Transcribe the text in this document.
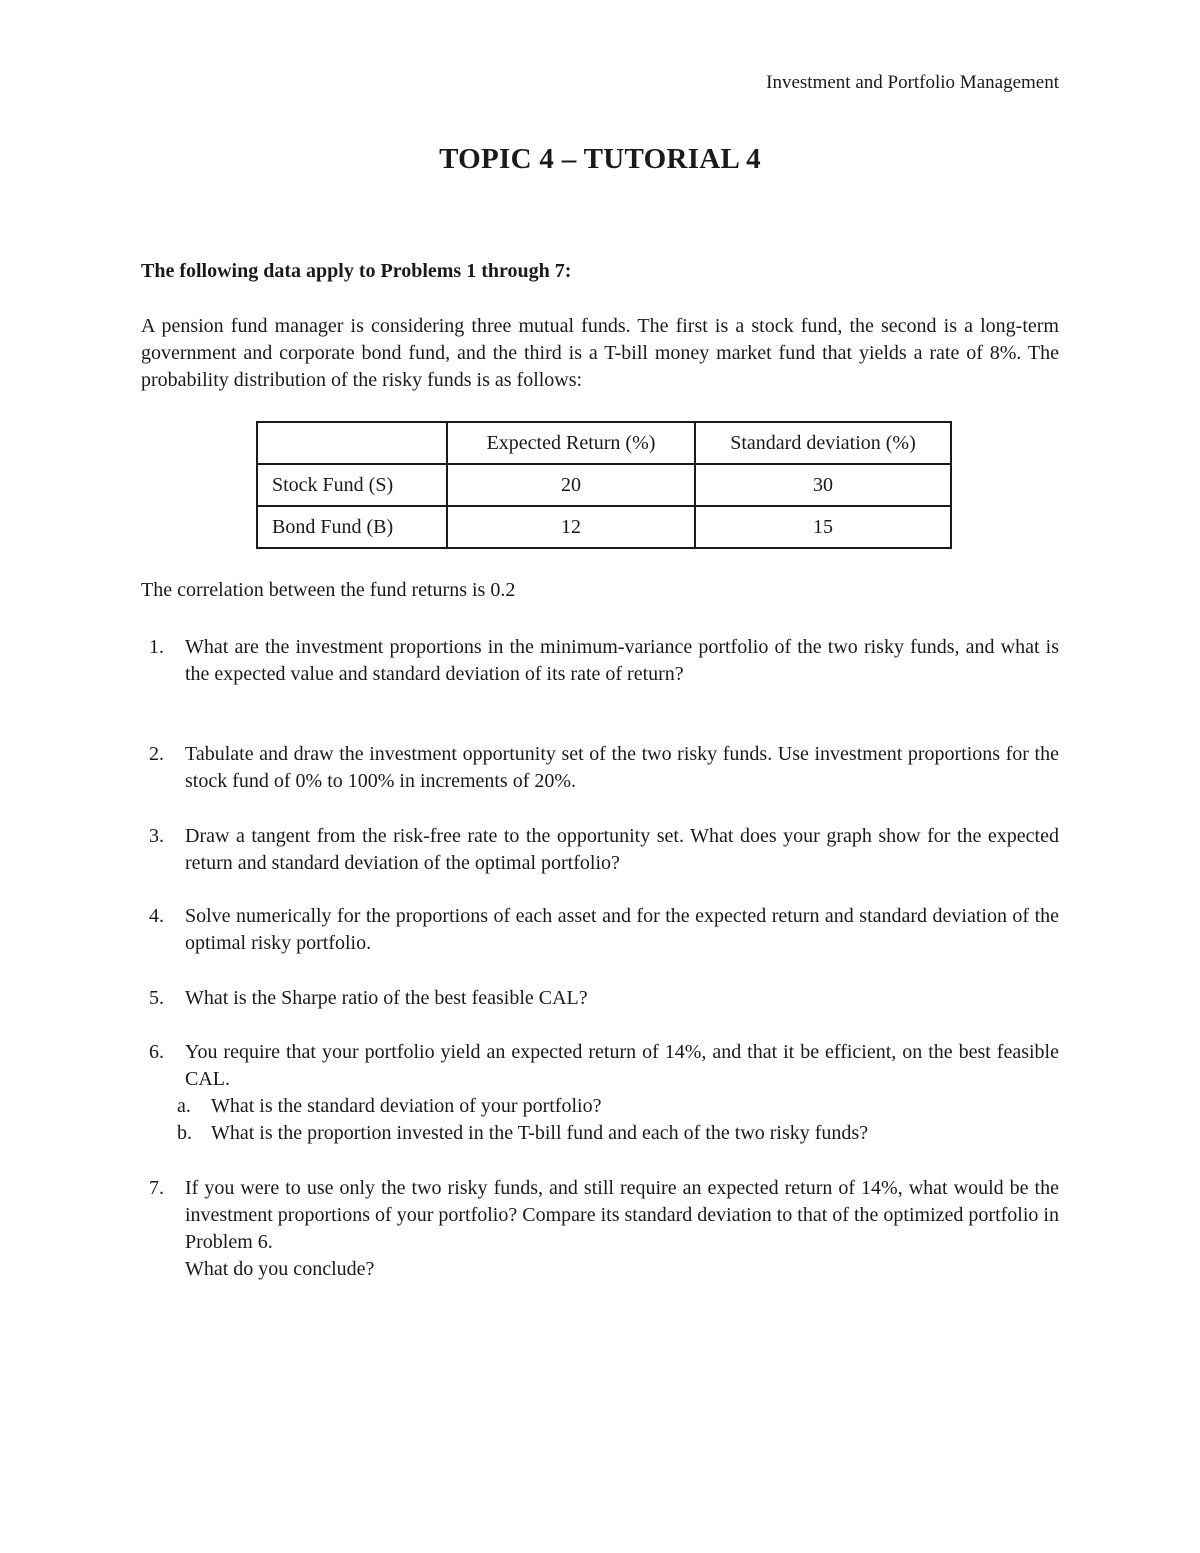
Investment and Portfolio Management
TOPIC 4 – TUTORIAL 4
The following data apply to Problems 1 through 7:
A pension fund manager is considering three mutual funds. The first is a stock fund, the second is a long-term government and corporate bond fund, and the third is a T-bill money market fund that yields a rate of 8%. The probability distribution of the risky funds is as follows:
	Expected Return (%)	Standard deviation (%)
Stock Fund (S)	20	30
Bond Fund (B)	12	15
The correlation between the fund returns is 0.2
1. What are the investment proportions in the minimum-variance portfolio of the two risky funds, and what is the expected value and standard deviation of its rate of return?
2. Tabulate and draw the investment opportunity set of the two risky funds. Use investment proportions for the stock fund of 0% to 100% in increments of 20%.
3. Draw a tangent from the risk-free rate to the opportunity set. What does your graph show for the expected return and standard deviation of the optimal portfolio?
4. Solve numerically for the proportions of each asset and for the expected return and standard deviation of the optimal risky portfolio.
5. What is the Sharpe ratio of the best feasible CAL?
6. You require that your portfolio yield an expected return of 14%, and that it be efficient, on the best feasible CAL.
a. What is the standard deviation of your portfolio?
b. What is the proportion invested in the T-bill fund and each of the two risky funds?
7. If you were to use only the two risky funds, and still require an expected return of 14%, what would be the investment proportions of your portfolio? Compare its standard deviation to that of the optimized portfolio in Problem 6.
What do you conclude?
